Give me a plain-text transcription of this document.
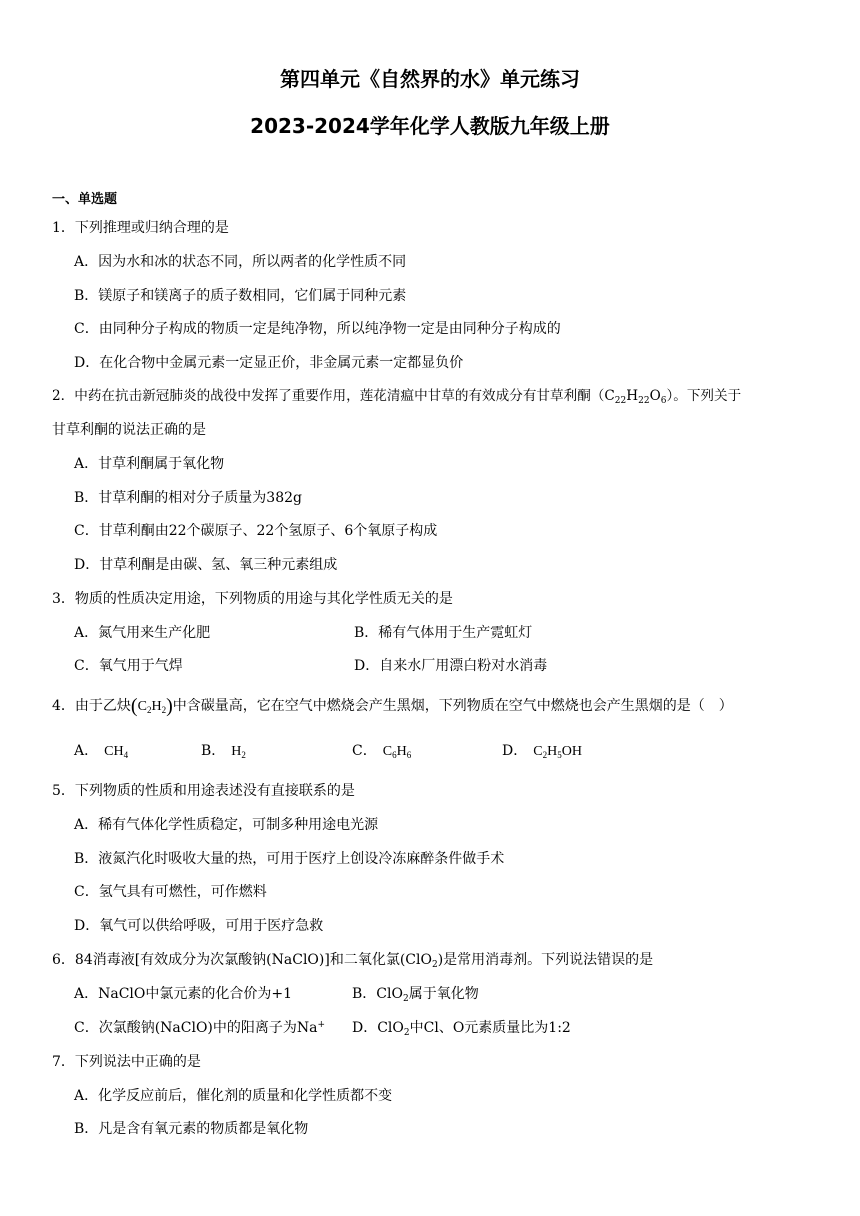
第四单元《自然界的水》单元练习
2023-2024学年化学人教版九年级上册
一、单选题
1．下列推理或归纳合理的是
A．因为水和冰的状态不同，所以两者的化学性质不同
B．镁原子和镁离子的质子数相同，它们属于同种元素
C．由同种分子构成的物质一定是纯净物，所以纯净物一定是由同种分子构成的
D．在化合物中金属元素一定显正价，非金属元素一定都显负价
2．中药在抗击新冠肺炎的战役中发挥了重要作用，莲花清瘟中甘草的有效成分有甘草利酮$(C_{22}H_{22}O_6)$。下列关于
甘草利酮的说法正确的是
A．甘草利酮属于氧化物
B．甘草利酮的相对分子质量为382g
C．甘草利酮由22个碳原子、22个氢原子、6个氧原子构成
D．甘草利酮是由碳、氢、氧三种元素组成
3．物质的性质决定用途，下列物质的用途与其化学性质无关的是
A．氮气用来生产化肥	B．稀有气体用于生产霓虹灯
C．氧气用于气焊	D．自来水厂用漂白粉对水消毒
4．由于乙炔$(C_2H_2)$中含碳量高，它在空气中燃烧会产生黑烟，下列物质在空气中燃烧也会产生黑烟的是（　）
A． $CH_4$	B． $H_2$	C． $C_6H_6$	D． $C_2H_5OH$
5．下列物质的性质和用途表述没有直接联系的是
A．稀有气体化学性质稳定，可制多种用途电光源
B．液氮汽化时吸收大量的热，可用于医疗上创设冷冻麻醉条件做手术
C．氢气具有可燃性，可作燃料
D．氧气可以供给呼吸，可用于医疗急救
6．84消毒液[有效成分为次氯酸钠(NaClO)]和二氧化氯(ClO$_2$)是常用消毒剂。下列说法错误的是
A．NaClO中氯元素的化合价为+1	B．ClO$_2$属于氧化物
C．次氯酸钠(NaClO)中的阳离子为Na+ D．ClO$_2$中Cl、O元素质量比为1:2
7．下列说法中正确的是
A．化学反应前后，催化剂的质量和化学性质都不变
B．凡是含有氧元素的物质都是氧化物
